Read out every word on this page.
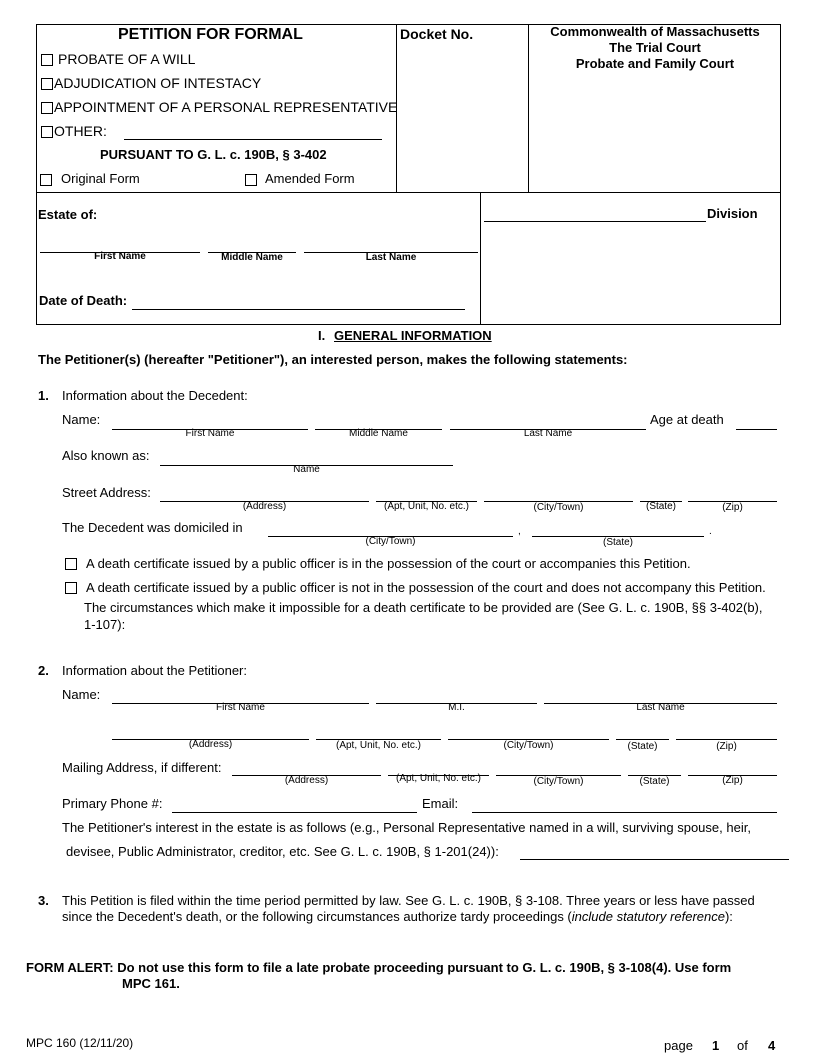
PETITION FOR FORMAL
PROBATE OF A WILL
ADJUDICATION OF INTESTACY
APPOINTMENT OF A PERSONAL REPRESENTATIVE
OTHER:
PURSUANT TO G. L. c. 190B, § 3-402
Original Form	Amended Form
Docket No.	Commonwealth of Massachusetts
The Trial Court
Probate and Family Court
Estate of:
First Name	Middle Name	Last Name
Date of Death:
Division
I. GENERAL INFORMATION
The Petitioner(s) (hereafter "Petitioner"), an interested person, makes the following statements:
1. Information about the Decedent:
Name:
First Name	Middle Name	Last Name
Age at death
Also known as:
Name
Street Address:
(Address)	(Apt, Unit, No. etc.)	(City/Town)	(State)	(Zip)
The Decedent was domiciled in	,	.
(City/Town)	(State)
A death certificate issued by a public officer is in the possession of the court or accompanies this Petition.
A death certificate issued by a public officer is not in the possession of the court and does not accompany this Petition.
The circumstances which make it impossible for a death certificate to be provided are (See G. L. c. 190B, §§ 3-402(b),
1-107):
2. Information about the Petitioner:
Name:
First Name	M.I.	Last Name
(Address)	(Apt, Unit, No. etc.)	(City/Town)	(State)	(Zip)
Mailing Address, if different:
(Address)	(Apt, Unit, No. etc.)	(City/Town)	(State)	(Zip)
Primary Phone #:	Email:
The Petitioner's interest in the estate is as follows (e.g., Personal Representative named in a will, surviving spouse, heir,
devisee, Public Administrator, creditor, etc. See G. L. c. 190B, § 1-201(24)):
3. This Petition is filed within the time period permitted by law. See G. L. c. 190B, § 3-108. Three years or less have passed
since the Decedent's death, or the following circumstances authorize tardy proceedings (include statutory reference):
FORM ALERT: Do not use this form to file a late probate proceeding pursuant to G. L. c. 190B, § 3-108(4). Use form
MPC 161.
MPC 160 (12/11/20)	page 1 of 4
